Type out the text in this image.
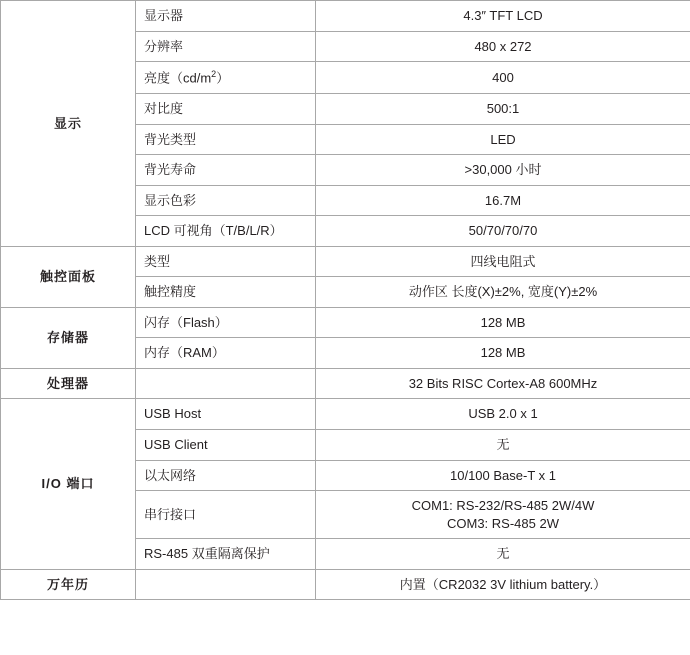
显示	显示器	4.3″ TFT LCD
	分辨率	480 x 272
	亮度$(cd/m^2)$	400
	对比度	500:1
	背光类型	LED
	背光寿命	>30,000 小时
	显示色彩	16.7M
	LCD 可视角（T/B/L/R）	50/70/70/70
触控面板	类型	四线电阻式
	触控精度	动作区 长度(X)±2%, 宽度(Y)±2%
存储器	闪存（Flash）	128 MB
	内存（RAM）	128 MB
处理器		32 Bits RISC Cortex-A8 600MHz
I/O 端口	USB Host	USB 2.0 x 1
	USB Client	无
	以太网络	10/100 Base-T x 1
	串行接口	COM1: RS-232/RS-485 2W/4W
COM3: RS-485 2W

	RS-485 双重隔离保护	无
万年历		内置（CR2032 3V lithium battery.）
